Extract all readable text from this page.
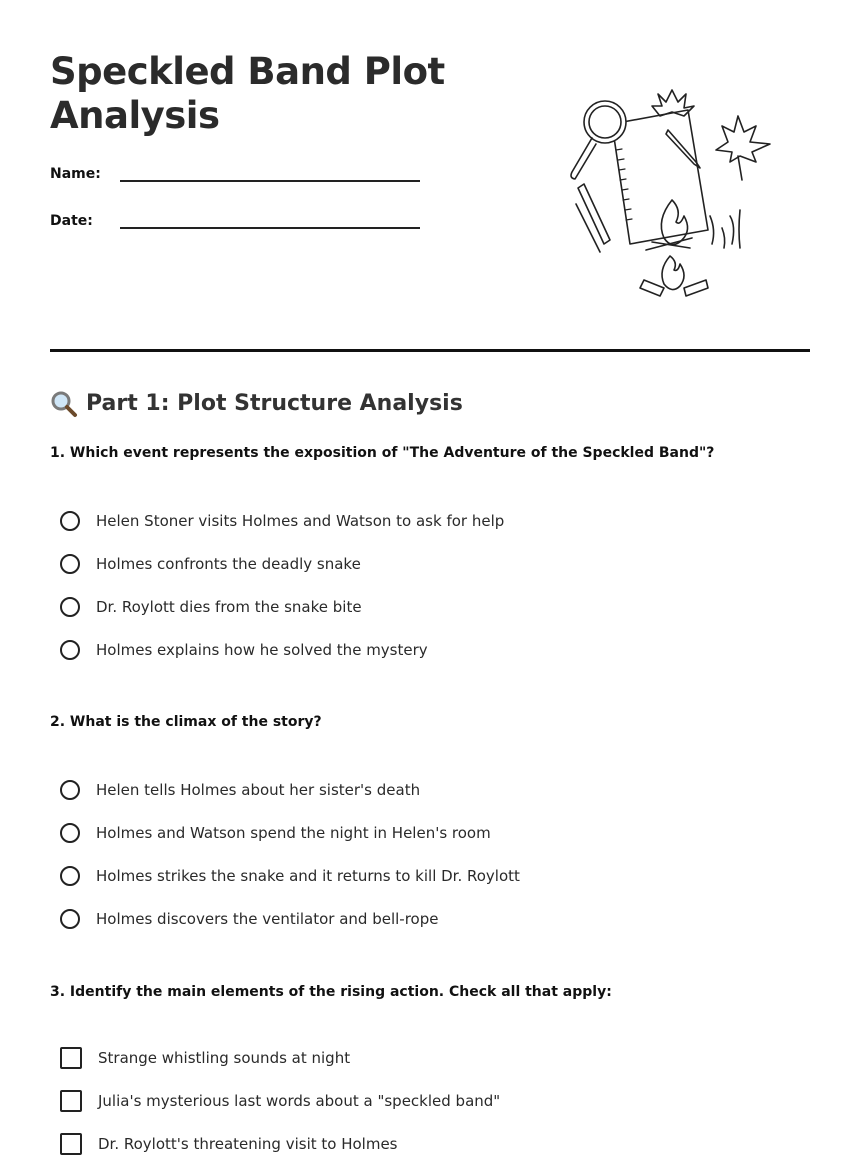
Speckled Band Plot Analysis
Name:
Date:
Part 1: Plot Structure Analysis

1. Which event represents the exposition of "The Adventure of the Speckled Band"?

Helen Stoner visits Holmes and Watson to ask for help
Holmes confronts the deadly snake
Dr. Roylott dies from the snake bite
Holmes explains how he solved the mystery

2. What is the climax of the story?

Helen tells Holmes about her sister's death
Holmes and Watson spend the night in Helen's room
Holmes strikes the snake and it returns to kill Dr. Roylott
Holmes discovers the ventilator and bell-rope

3. Identify the main elements of the rising action. Check all that apply:

Strange whistling sounds at night
Julia's mysterious last words about a "speckled band"
Dr. Roylott's threatening visit to Holmes
